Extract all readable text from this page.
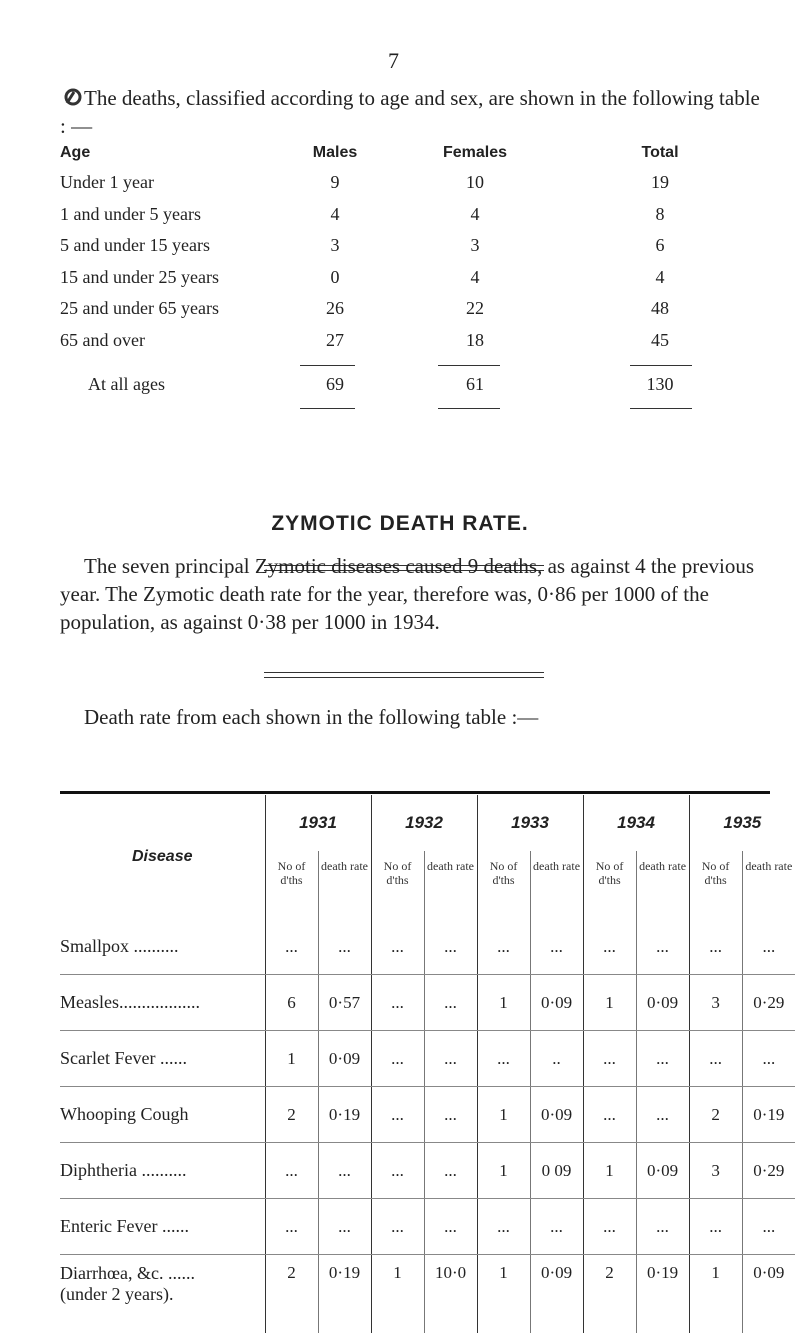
7
The deaths, classified according to age and sex, are shown in the following table : —
Age	Males	Females	Total
Under 1 year	9	10	19
1 and under 5 years	4	4	8
5 and under 15 years	3	3	6
15 and under 25 years	0	4	4
25 and under 65 years	26	22	48
65 and over	27	18	45
At all ages	69	61	130
ZYMOTIC DEATH RATE.
The seven principal Zymotic diseases caused 9 deaths, as against 4 the previous year. The Zymotic death rate for the year, therefore was, 0·86 per 1000 of the population, as against 0·38 per 1000 in 1934.
Death rate from each shown in the following table :—
Disease	1931		1932		1933		1934		1935	
	No of d'ths	death rate	No of d'ths	death rate	No of d'ths	death rate	No of d'ths	death rate	No of d'ths	death rate

Smallpox ..........	...	...	...	...	...	...	...	...	...	...

Measles..................	6	0·57	...	...	1	0·09	1	0·09	3	0·29

Scarlet Fever ......	1	0·09	...	...	...	..	...	...	...	...

Whooping Cough	2	0·19	...	...	1	0·09	...	...	2	0·19

Diphtheria ..........	...	...	...	...	1	0 09	1	0·09	3	0·29

Enteric Fever ......	...	...	...	...	...	...	...	...	...	...

Diarrhœa, &c. ......
(under 2 years).	2	0·19	1	10·0	1	0·09	2	0·19	1	0·09
